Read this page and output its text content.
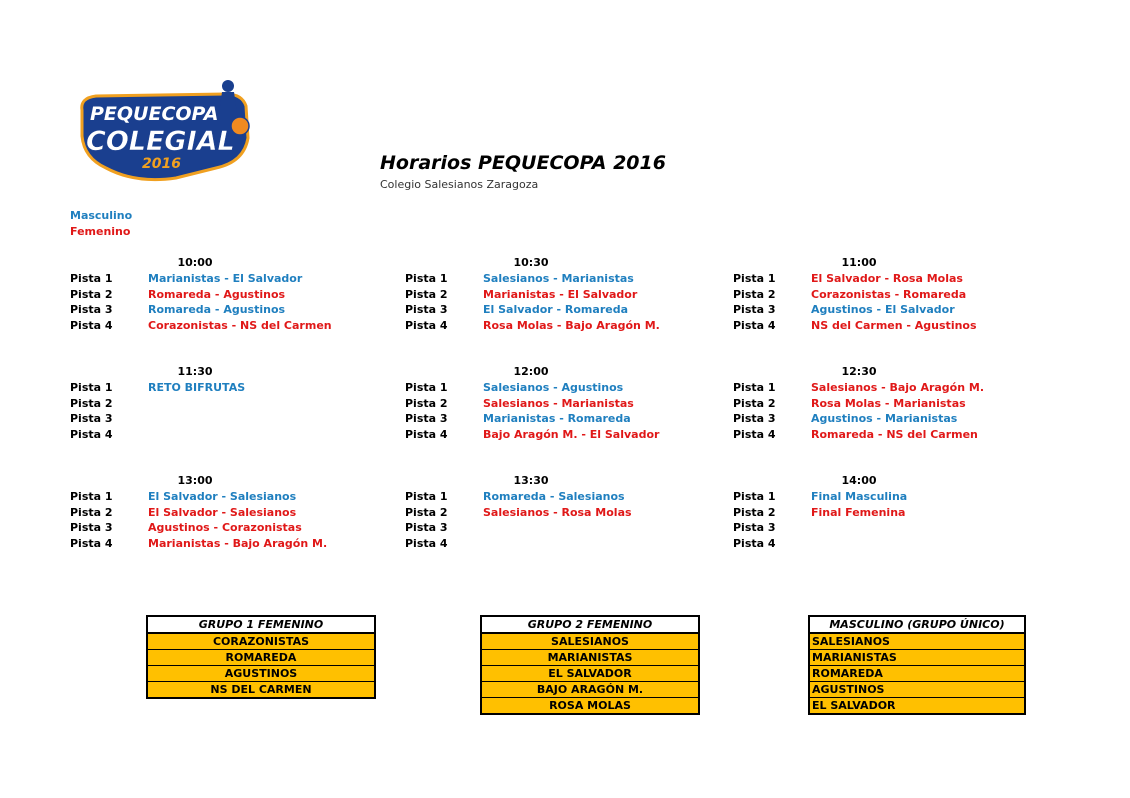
PEQUECOPA
COLEGIAL
2016	Horarios PEQUECOPA 2016
Colegio Salesianos Zaragoza
Masculino
Femenino
10:00
Pista 1	Marianistas - El Salvador
Pista 2	Romareda - Agustinos
Pista 3	Romareda - Agustinos
Pista 4	Corazonistas - NS del Carmen
10:30
Pista 1	Salesianos - Marianistas
Pista 2	Marianistas - El Salvador
Pista 3	El Salvador - Romareda
Pista 4	Rosa Molas - Bajo Aragón M.
11:00
Pista 1	El Salvador - Rosa Molas
Pista 2	Corazonistas - Romareda
Pista 3	Agustinos - El Salvador
Pista 4	NS del Carmen - Agustinos
11:30
Pista 1	RETO BIFRUTAS
Pista 2
Pista 3
Pista 4
12:00
Pista 1	Salesianos - Agustinos
Pista 2	Salesianos - Marianistas
Pista 3	Marianistas - Romareda
Pista 4	Bajo Aragón M. - El Salvador
12:30
Pista 1	Salesianos - Bajo Aragón M.
Pista 2	Rosa Molas - Marianistas
Pista 3	Agustinos - Marianistas
Pista 4	Romareda - NS del Carmen
13:00
Pista 1	El Salvador - Salesianos
Pista 2	El Salvador - Salesianos
Pista 3	Agustinos - Corazonistas
Pista 4	Marianistas - Bajo Aragón M.
13:30
Pista 1	Romareda - Salesianos
Pista 2	Salesianos - Rosa Molas
Pista 3
Pista 4
14:00
Pista 1	Final Masculina
Pista 2	Final Femenina
Pista 3
Pista 4
GRUPO 1 FEMENINO
CORAZONISTAS
ROMAREDA
AGUSTINOS
NS DEL CARMEN
GRUPO 2 FEMENINO
SALESIANOS
MARIANISTAS
EL SALVADOR
BAJO ARAGÓN M.
ROSA MOLAS
MASCULINO (GRUPO ÚNICO)
SALESIANOS
MARIANISTAS
ROMAREDA
AGUSTINOS
EL SALVADOR
